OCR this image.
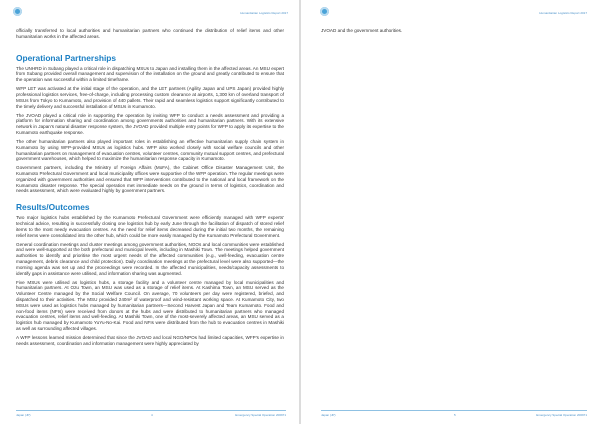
Humanitarian Logistics Report 2017

officially transferred to local authorities and humanitarian partners who continued the distribution of relief items and other humanitarian works in the affected areas.

Operational Partnerships

The UNHRD in Subang played a critical role in dispatching MSUs to Japan and installing them in the affected areas. An MSU expert from Subang provided overall management and supervision of the installation on the ground and greatly contributed to ensure that the operation was successful within a limited timeframe.

WFP LET was activated at the initial stage of the operation, and the LET partners (Agility Japan and UPS Japan) provided highly professional logistics services, free-of-charge, including processing custom clearance at airports, 1,300 km of overland transport of MSUs from Tokyo to Kumamoto, and provision of 440 pallets. Their rapid and seamless logistics support significantly contributed to the timely delivery and successful installation of MSUs in Kumamoto.

The JVOAD played a critical role in supporting the operation by inviting WFP to conduct a needs assessment and providing a platform for information sharing and coordination among governments authorities and humanitarian partners. With its extensive network in Japan's natural disaster response system, the JVOAD provided multiple entry points for WFP to apply its expertise to the Kumamoto earthquake response.

The other humanitarian partners also played important roles in establishing an effective humanitarian supply chain system in Kumamoto by using WFP-provided MSUs as logistics hubs. WFP also worked closely with social welfare councils and other humanitarian partners on management of evacuation centres, volunteer centres, community mutual support centres, and prefectural government warehouses, which helped to maximize the humanitarian response capacity in Kumamoto.

Government partners, including the Ministry of Foreign Affairs (MoFA), the Cabinet Office Disaster Management Unit, the Kumamoto Prefectural Government and local municipality offices were supportive of the WFP operation. The regular meetings were organized with government authorities and ensured that WFP interventions contributed to the national and local framework on the Kumamoto disaster response. The special operation met immediate needs on the ground in terms of logistics, coordination and needs assessment, which were evaluated highly by government partners.

Results/Outcomes

Two major logistics hubs established by the Kumamoto Prefectural Government were efficiently managed with WFP experts' technical advice, resulting in successfully closing one logistics hub by early June through the facilitation of dispatch of stored relief items to the most needy evacuation centres. As the need for relief items decreased during the initial two months, the remaining relief items were consolidated into the other hub, which could be more easily managed by the Kumamoto Prefectural Government.

General coordination meetings and cluster meetings among government authorities, NGOs and local communities were established and were well-supported at the both prefectural and municipal levels, including in Mashiki Town. The meetings helped government authorities to identify and prioritise the most urgent needs of the affected communities (e.g., well-feeding, evacuation centre management, debris clearance and child protection). Daily coordination meetings at the prefectural level were also supported—the morning agenda was set up and the proceedings were recorded. In the affected municipalities, needs/capacity assessments to identify gaps in assistance were utilised, and information sharing was augmented.

Five MSUs were utilised as logistics hubs, a storage facility and a volunteer centre managed by local municipalities and humanitarian partners. At Ozu Town, an MSU was used as a storage of relief items. At Kashima Town, an MSU served as the Volunteer Centre managed by the Social Welfare Council. On average, 70 volunteers per day were registered, briefed, and dispatched to their activities. The MSU provided 240m² of waterproof and wind-resistant working space. At Kumamoto City, two MSUs were used as logistics hubs managed by humanitarian partners—Second Harvest Japan and Team Kumamoto. Food and non-food items (NFIs) were received from donors at the hubs and were distributed to humanitarian partners who managed evacuation centres, relief items and well-feeding. At Mashiki Town, one of the most-severely affected areas, an MSU served as a logistics hub managed by Kumamoto YuYu-No-Kai. Food and NFIs were distributed from the hub to evacuation centres in Mashiki as well as surrounding affected villages.

A WFP lessons learned mission determined that since the JVOAD and local NGO/NPOs had limited capacities, WFP's expertise in needs assessment, coordination and information management were highly appreciated by

Japan (JP)	4	Emergency Special Operation 200971
Humanitarian Logistics Report 2017

JVOAD and the government authorities.

Japan (JP)	5	Emergency Special Operation 200971
